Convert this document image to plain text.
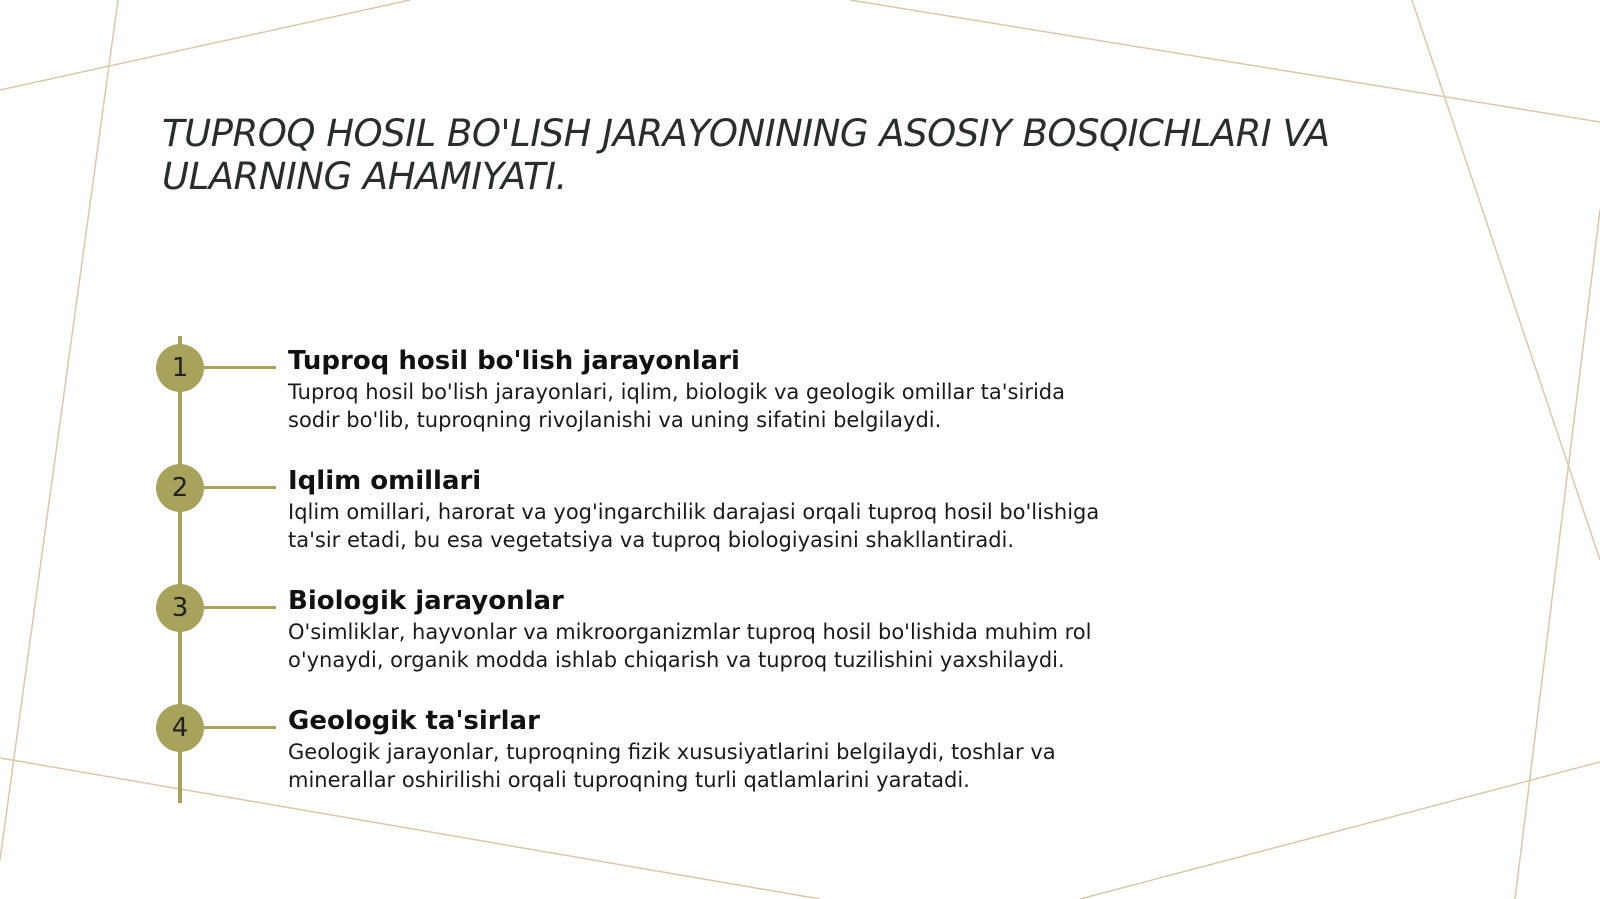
TUPROQ HOSIL BO'LISH JARAYONINING ASOSIY BOSQICHLARI VA ULARNING AHAMIYATI.
1	Tuproq hosil bo'lish jarayonlari

Tuproq hosil bo'lish jarayonlari, iqlim, biologik va geologik omillar ta'sirida sodir bo'lib, tuproqning rivojlanishi va uning sifatini belgilaydi.

2	Iqlim omillari

Iqlim omillari, harorat va yog'ingarchilik darajasi orqali tuproq hosil bo'lishiga ta'sir etadi, bu esa vegetatsiya va tuproq biologiyasini shakllantiradi.

3	Biologik jarayonlar

O'simliklar, hayvonlar va mikroorganizmlar tuproq hosil bo'lishida muhim rol o'ynaydi, organik modda ishlab chiqarish va tuproq tuzilishini yaxshilaydi.

4	Geologik ta'sirlar

Geologik jarayonlar, tuproqning fizik xususiyatlarini belgilaydi, toshlar va minerallar oshirilishi orqali tuproqning turli qatlamlarini yaratadi.
